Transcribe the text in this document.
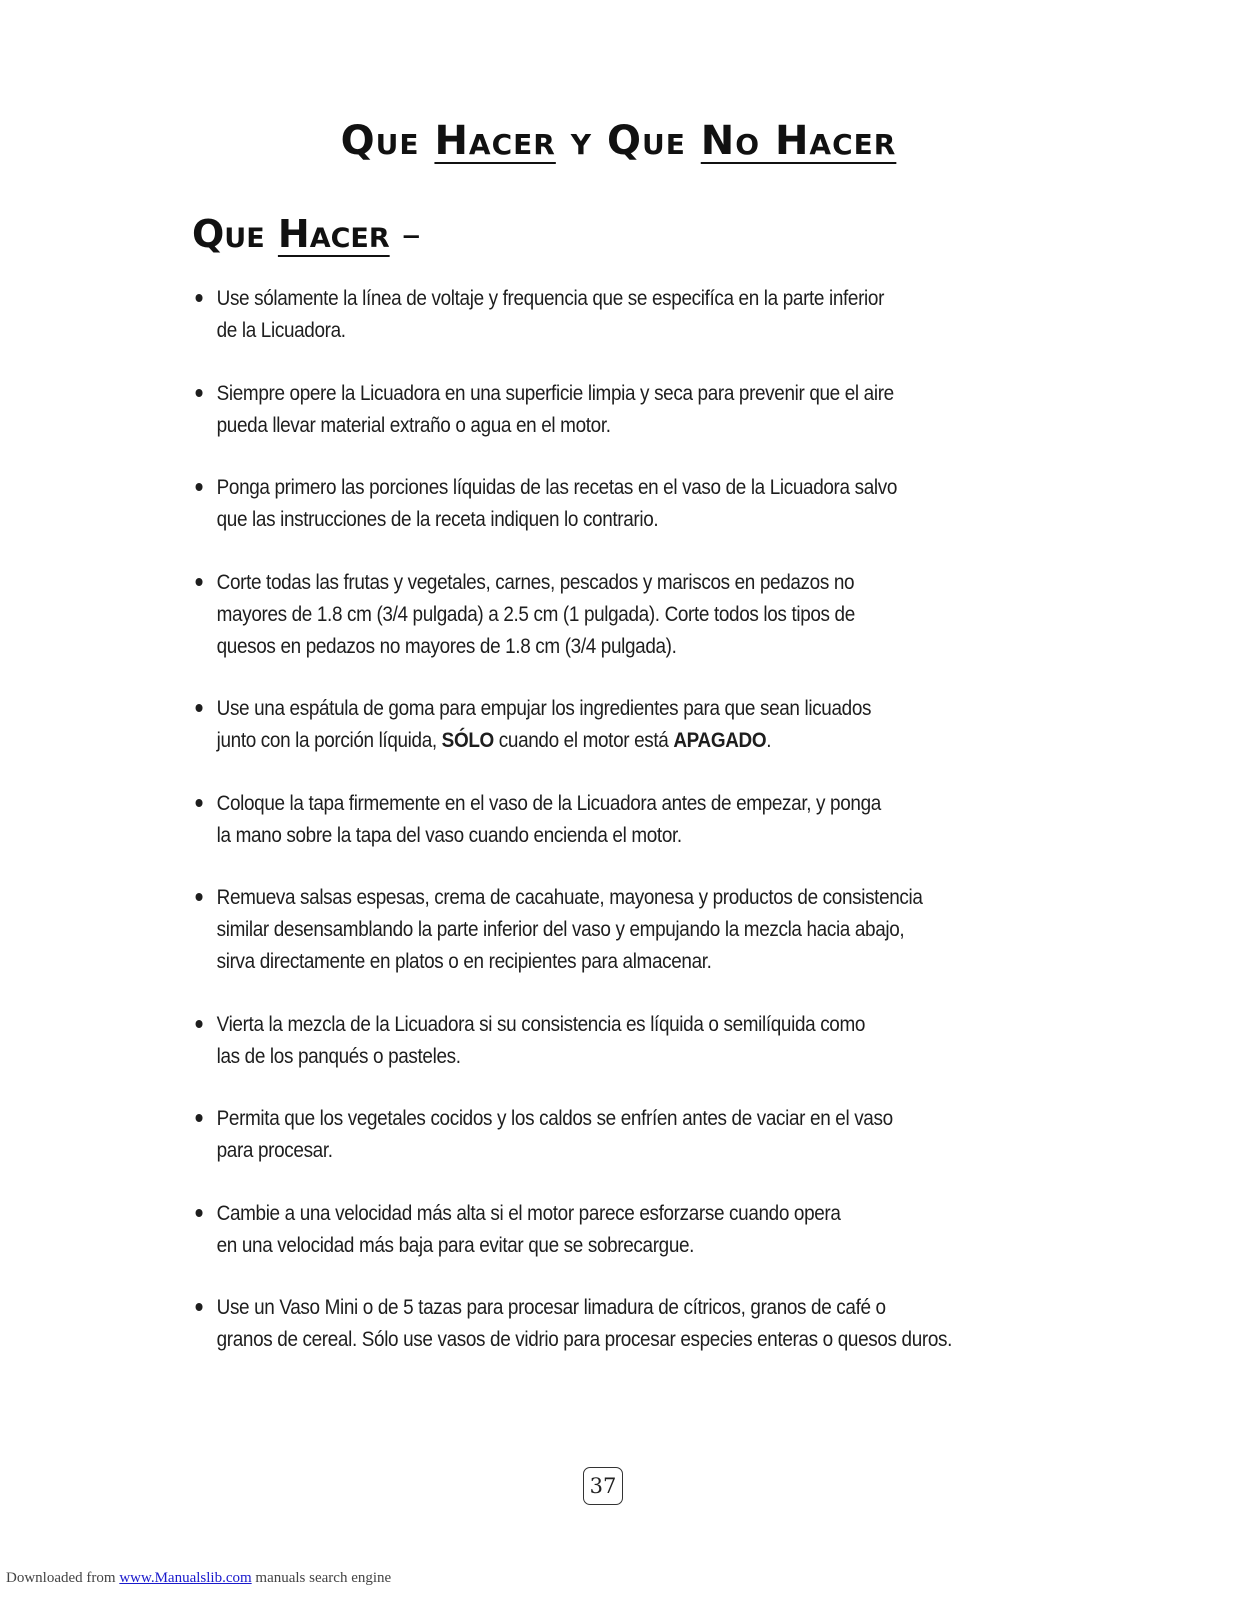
Que Hacer y Que No Hacer
Que Hacer –
Use sólamente la línea de voltaje y frequencia que se especifíca en la parte inferior
de la Licuadora.
Siempre opere la Licuadora en una superficie limpia y seca para prevenir que el aire
pueda llevar material extraño o agua en el motor.
Ponga primero las porciones líquidas de las recetas en el vaso de la Licuadora salvo
que las instrucciones de la receta indiquen lo contrario.
Corte todas las frutas y vegetales, carnes, pescados y mariscos en pedazos no
mayores de 1.8 cm (3/4 pulgada) a 2.5 cm (1 pulgada). Corte todos los tipos de
quesos en pedazos no mayores de 1.8 cm (3/4 pulgada).
Use una espátula de goma para empujar los ingredientes para que sean licuados
junto con la porción líquida, SÓLO cuando el motor está APAGADO.
Coloque la tapa firmemente en el vaso de la Licuadora antes de empezar, y ponga
la mano sobre la tapa del vaso cuando encienda el motor.
Remueva salsas espesas, crema de cacahuate, mayonesa y productos de consistencia
similar desensamblando la parte inferior del vaso y empujando la mezcla hacia abajo,
sirva directamente en platos o en recipientes para almacenar.
Vierta la mezcla de la Licuadora si su consistencia es líquida o semilíquida como
las de los panqués o pasteles.
Permita que los vegetales cocidos y los caldos se enfríen antes de vaciar en el vaso
para procesar.
Cambie a una velocidad más alta si el motor parece esforzarse cuando opera
en una velocidad más baja para evitar que se sobrecargue.
Use un Vaso Mini o de 5 tazas para procesar limadura de cítricos, granos de café o
granos de cereal. Sólo use vasos de vidrio para procesar especies enteras o quesos duros.
37
Downloaded from www.Manualslib.com manuals search engine
